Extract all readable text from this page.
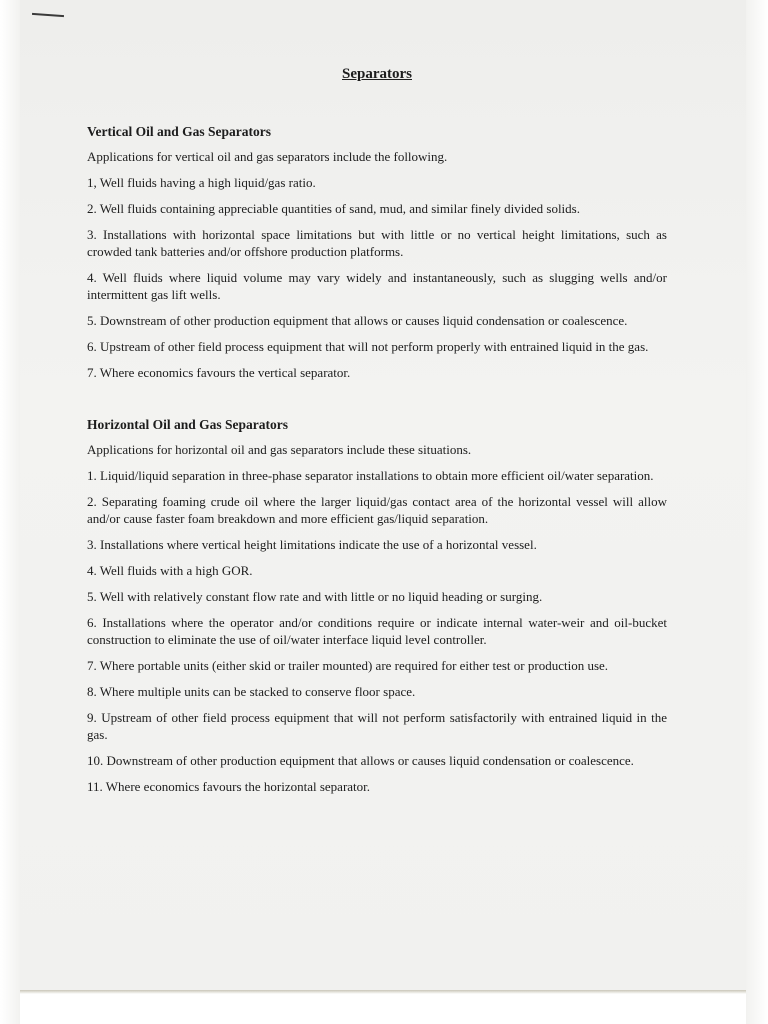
Separators
Vertical Oil and Gas Separators

Applications for vertical oil and gas separators include the following.

1, Well fluids having a high liquid/gas ratio.

2. Well fluids containing appreciable quantities of sand, mud, and similar finely divided solids.

3. Installations with horizontal space limitations but with little or no vertical height limitations, such as crowded tank batteries and/or offshore production platforms.

4. Well fluids where liquid volume may vary widely and instantaneously, such as slugging wells and/or intermittent gas lift wells.

5. Downstream of other production equipment that allows or causes liquid condensation or coalescence.

6. Upstream of other field process equipment that will not perform properly with entrained liquid in the gas.

7. Where economics favours the vertical separator.

Horizontal Oil and Gas Separators

Applications for horizontal oil and gas separators include these situations.

1. Liquid/liquid separation in three-phase separator installations to obtain more efficient oil/water separation.

2. Separating foaming crude oil where the larger liquid/gas contact area of the horizontal vessel will allow and/or cause faster foam breakdown and more efficient gas/liquid separation.

3. Installations where vertical height limitations indicate the use of a horizontal vessel.

4. Well fluids with a high GOR.

5. Well with relatively constant flow rate and with little or no liquid heading or surging.

6. Installations where the operator and/or conditions require or indicate internal water-weir and oil-bucket construction to eliminate the use of oil/water interface liquid level controller.

7. Where portable units (either skid or trailer mounted) are required for either test or production use.

8. Where multiple units can be stacked to conserve floor space.

9. Upstream of other field process equipment that will not perform satisfactorily with entrained liquid in the gas.

10. Downstream of other production equipment that allows or causes liquid condensation or coalescence.

11. Where economics favours the horizontal separator.
